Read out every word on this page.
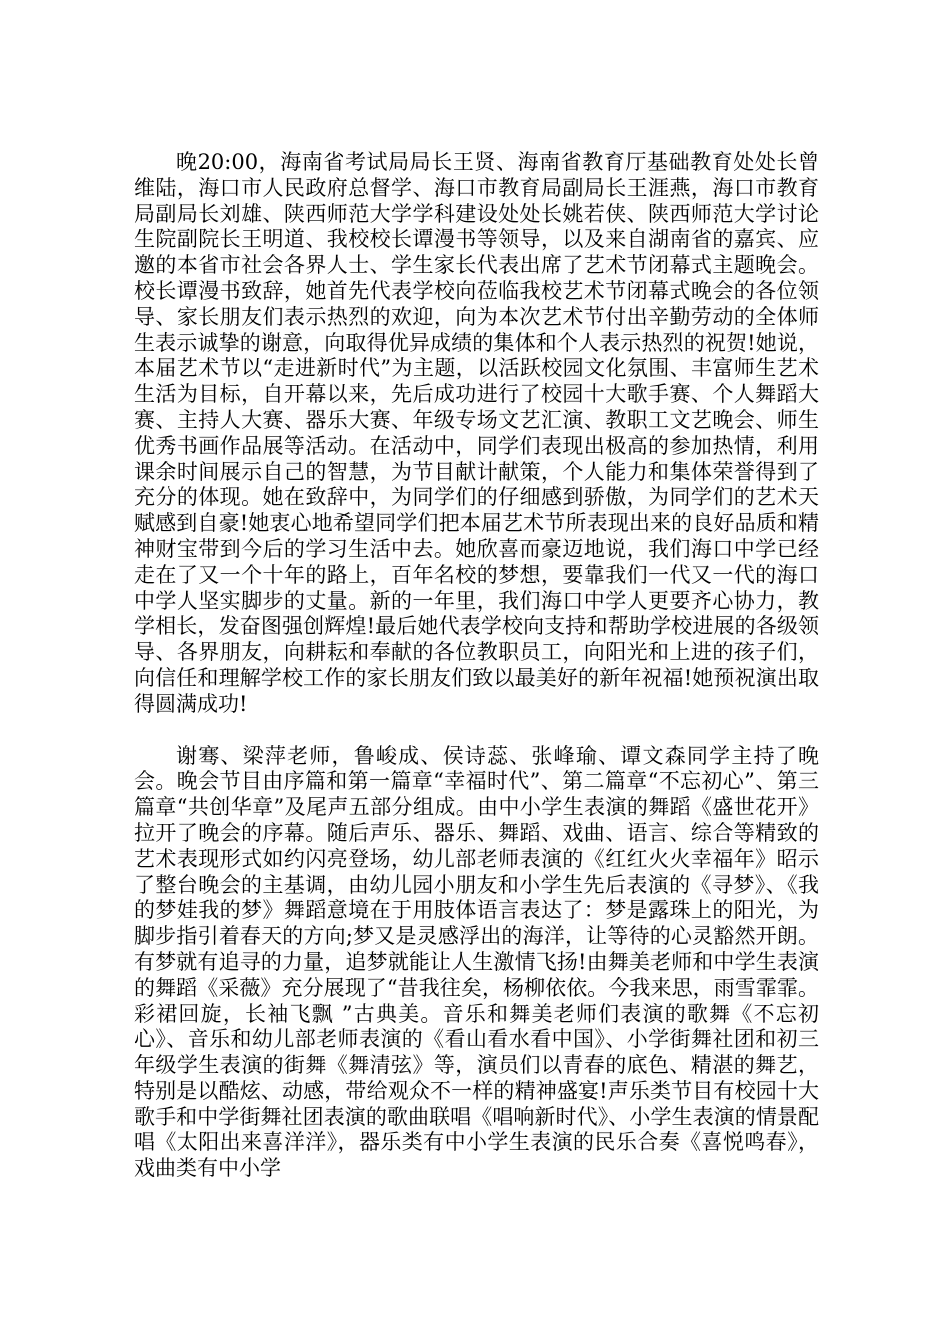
晚20:00，海南省考试局局长王贤、海南省教育厅基础教育处处长曾维陆，海口市人民政府总督学、海口市教育局副局长王涯燕，海口市教育局副局长刘雄、陕西师范大学学科建设处处长姚若侠、陕西师范大学讨论生院副院长王明道、我校校长谭漫书等领导，以及来自湖南省的嘉宾、应邀的本省市社会各界人士、学生家长代表出席了艺术节闭幕式主题晚会。校长谭漫书致辞，她首先代表学校向莅临我校艺术节闭幕式晚会的各位领导、家长朋友们表示热烈的欢迎，向为本次艺术节付出辛勤劳动的全体师生表示诚挚的谢意，向取得优异成绩的集体和个人表示热烈的祝贺!她说，本届艺术节以“走进新时代”为主题，以活跃校园文化氛围、丰富师生艺术生活为目标，自开幕以来，先后成功进行了校园十大歌手赛、个人舞蹈大赛、主持人大赛、器乐大赛、年级专场文艺汇演、教职工文艺晚会、师生优秀书画作品展等活动。在活动中，同学们表现出极高的参加热情，利用课余时间展示自己的智慧，为节目献计献策，个人能力和集体荣誉得到了充分的体现。她在致辞中，为同学们的仔细感到骄傲，为同学们的艺术天赋感到自豪!她衷心地希望同学们把本届艺术节所表现出来的良好品质和精神财宝带到今后的学习生活中去。她欣喜而豪迈地说，我们海口中学已经走在了又一个十年的路上，百年名校的梦想，要靠我们一代又一代的海口中学人坚实脚步的丈量。新的一年里，我们海口中学人更要齐心协力，教学相长，发奋图强创辉煌!最后她代表学校向支持和帮助学校进展的各级领导、各界朋友，向耕耘和奉献的各位教职员工，向阳光和上进的孩子们，向信任和理解学校工作的家长朋友们致以最美好的新年祝福!她预祝演出取得圆满成功!

谢骞、梁萍老师，鲁峻成、侯诗蕊、张峰瑜、谭文森同学主持了晚会。晚会节目由序篇和第一篇章“幸福时代”、第二篇章“不忘初心”、第三篇章“共创华章”及尾声五部分组成。由中小学生表演的舞蹈《盛世花开》拉开了晚会的序幕。随后声乐、器乐、舞蹈、戏曲、语言、综合等精致的艺术表现形式如约闪亮登场，幼儿部老师表演的《红红火火幸福年》昭示了整台晚会的主基调，由幼儿园小朋友和小学生先后表演的《寻梦》、《我的梦娃我的梦》舞蹈意境在于用肢体语言表达了：梦是露珠上的阳光，为脚步指引着春天的方向;梦又是灵感浮出的海洋，让等待的心灵豁然开朗。有梦就有追寻的力量，追梦就能让人生激情飞扬!由舞美老师和中学生表演的舞蹈《采薇》充分展现了“昔我往矣，杨柳依依。今我来思，雨雪霏霏。彩裙回旋，长袖飞飘 ”古典美。音乐和舞美老师们表演的歌舞《不忘初心》、音乐和幼儿部老师表演的《看山看水看中国》、小学街舞社团和初三年级学生表演的街舞《舞清弦》等，演员们以青春的底色、精湛的舞艺，特别是以酷炫、动感，带给观众不一样的精神盛宴!声乐类节目有校园十大歌手和中学街舞社团表演的歌曲联唱《唱响新时代》、小学生表演的情景配唱《太阳出来喜洋洋》，器乐类有中小学生表演的民乐合奏《喜悦鸣春》，戏曲类有中小学
